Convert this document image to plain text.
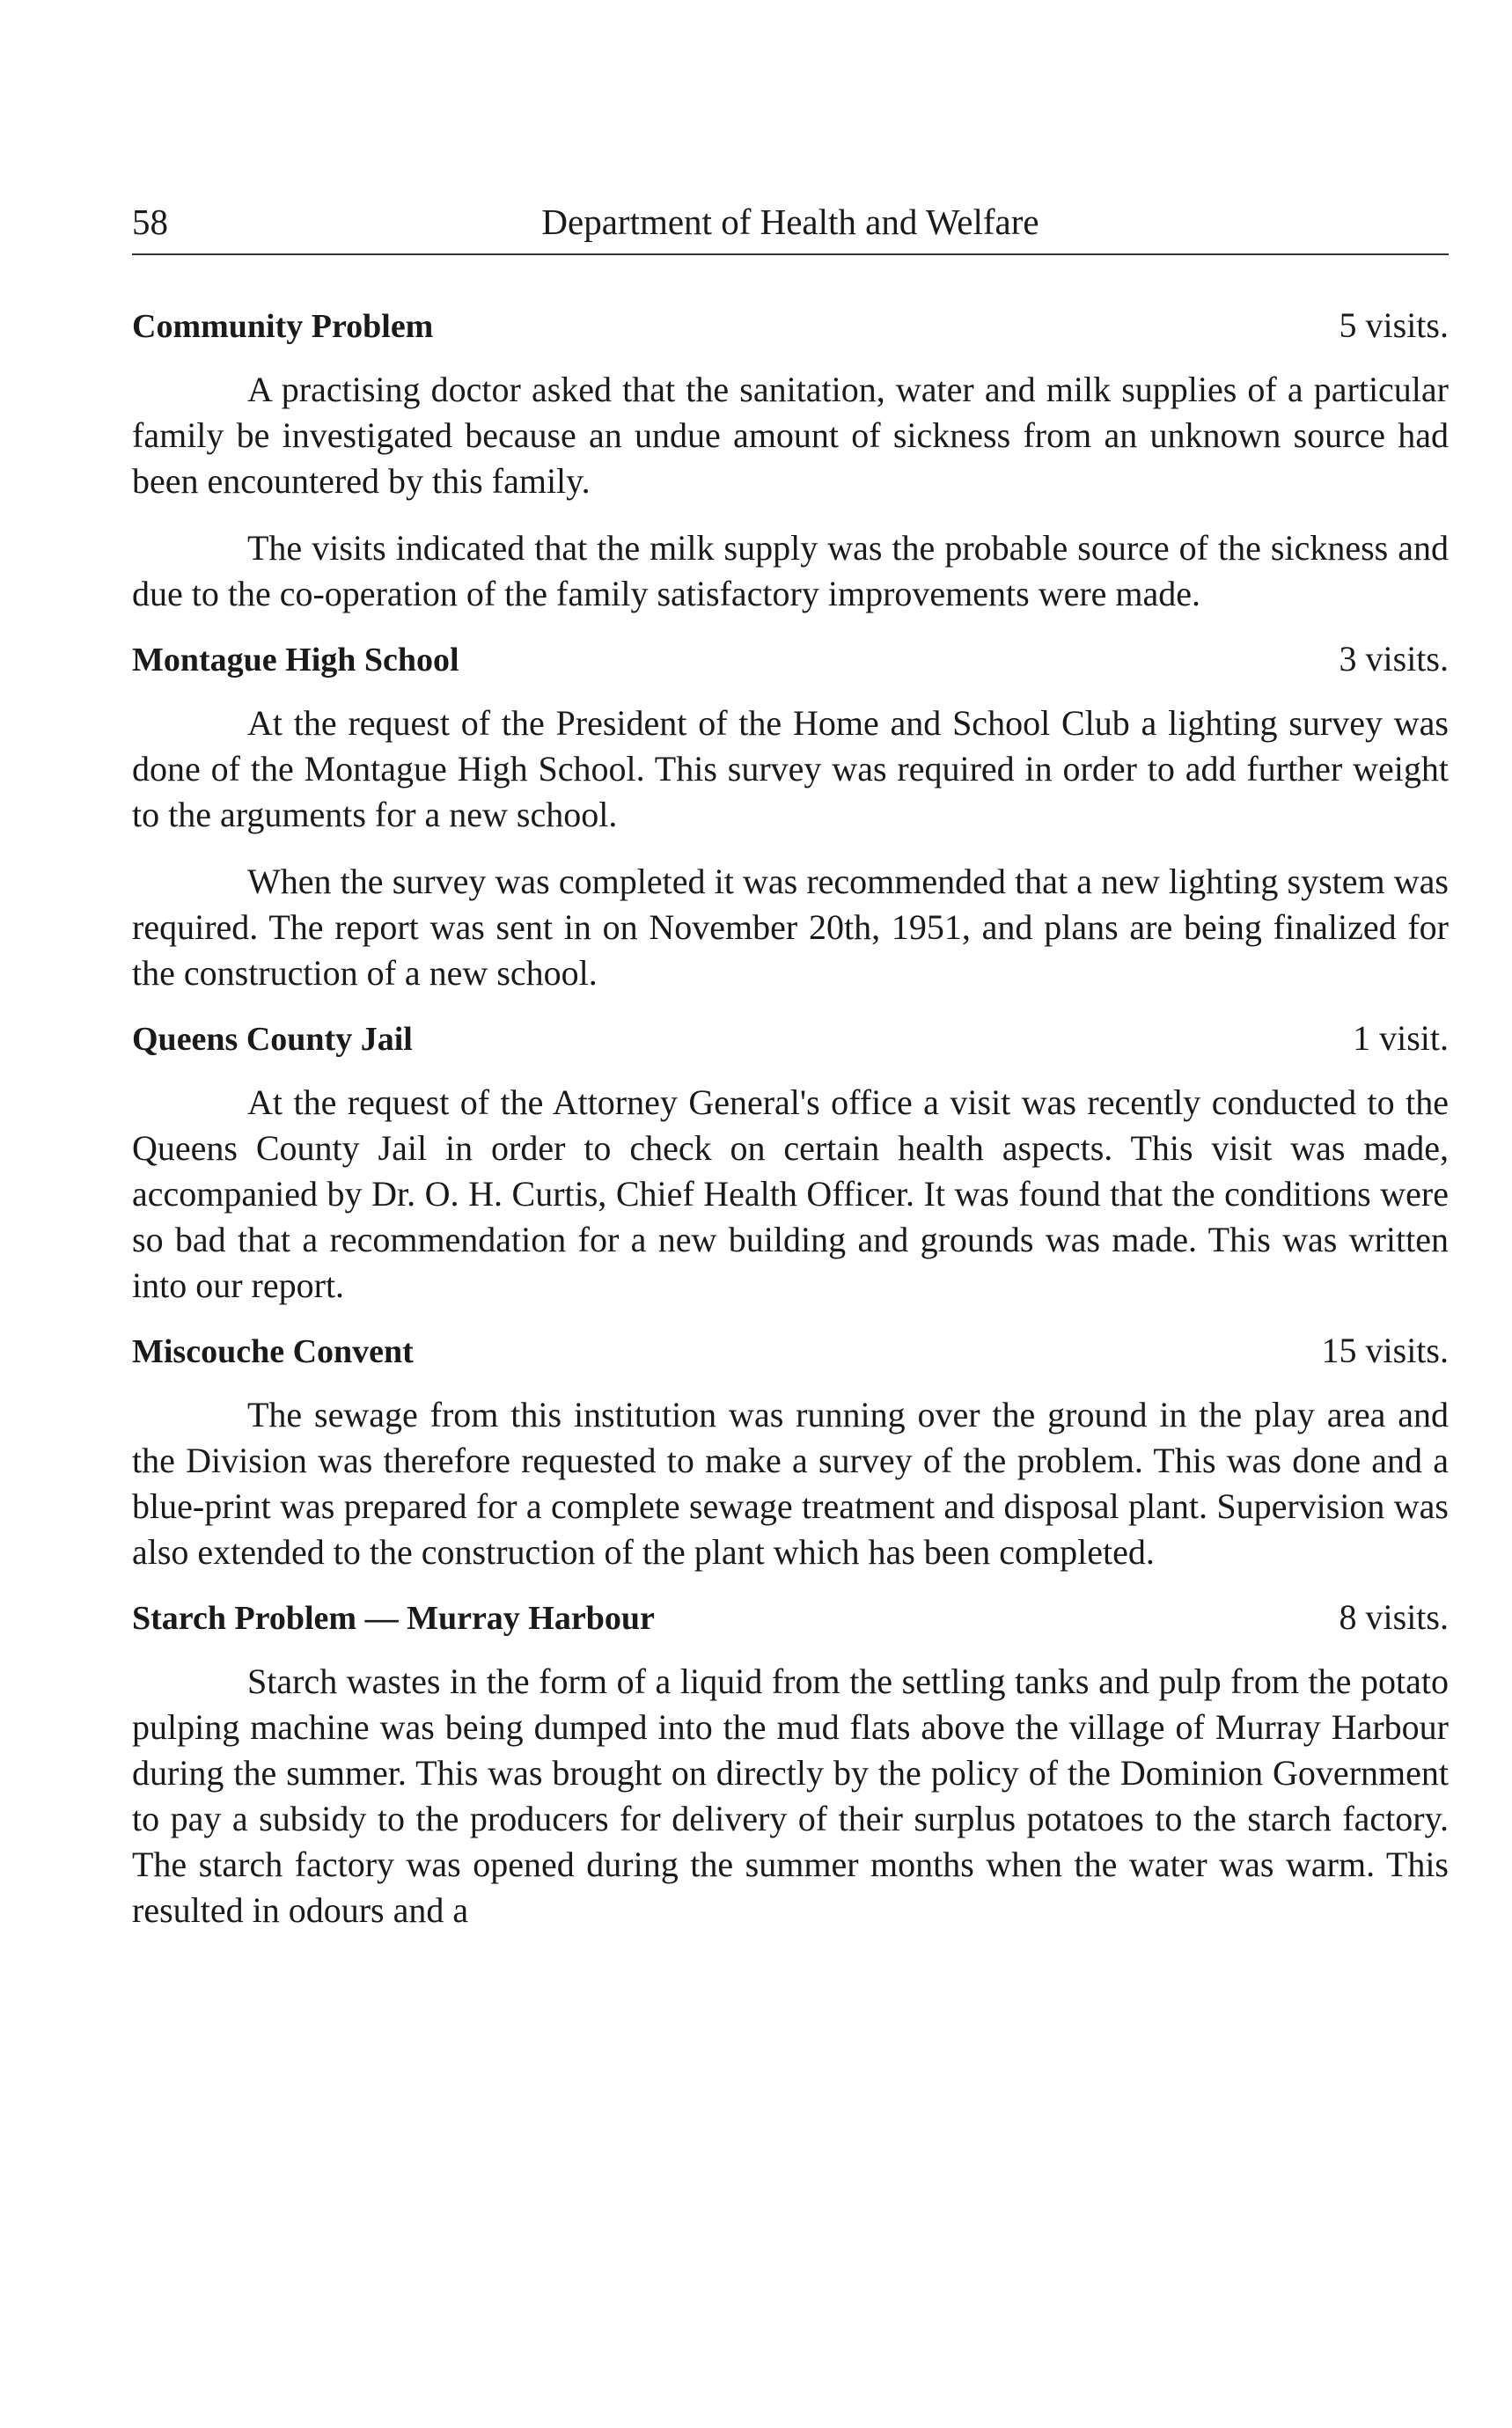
58	Department of Health and Welfare
Community Problem	5 visits.

A practising doctor asked that the sanitation, water and milk supplies of a particular family be investigated because an undue amount of sickness from an unknown source had been encountered by this family.

The visits indicated that the milk supply was the probable source of the sickness and due to the co-operation of the family satisfactory improvements were made.

Montague High School	3 visits.

At the request of the President of the Home and School Club a lighting survey was done of the Montague High School. This survey was required in order to add further weight to the arguments for a new school.

When the survey was completed it was recommended that a new lighting system was required. The report was sent in on November 20th, 1951, and plans are being finalized for the construction of a new school.

Queens County Jail	1 visit.

At the request of the Attorney General's office a visit was recently conducted to the Queens County Jail in order to check on certain health aspects. This visit was made, accompanied by Dr. O. H. Curtis, Chief Health Officer. It was found that the conditions were so bad that a recommendation for a new building and grounds was made. This was written into our report.

Miscouche Convent	15 visits.

The sewage from this institution was running over the ground in the play area and the Division was therefore requested to make a survey of the problem. This was done and a blue-print was prepared for a complete sewage treatment and disposal plant. Supervision was also extended to the construction of the plant which has been completed.

Starch Problem — Murray Harbour	8 visits.

Starch wastes in the form of a liquid from the settling tanks and pulp from the potato pulping machine was being dumped into the mud flats above the village of Murray Harbour during the summer. This was brought on directly by the policy of the Dominion Government to pay a subsidy to the producers for delivery of their surplus potatoes to the starch factory. The starch factory was opened during the summer months when the water was warm. This resulted in odours and a
